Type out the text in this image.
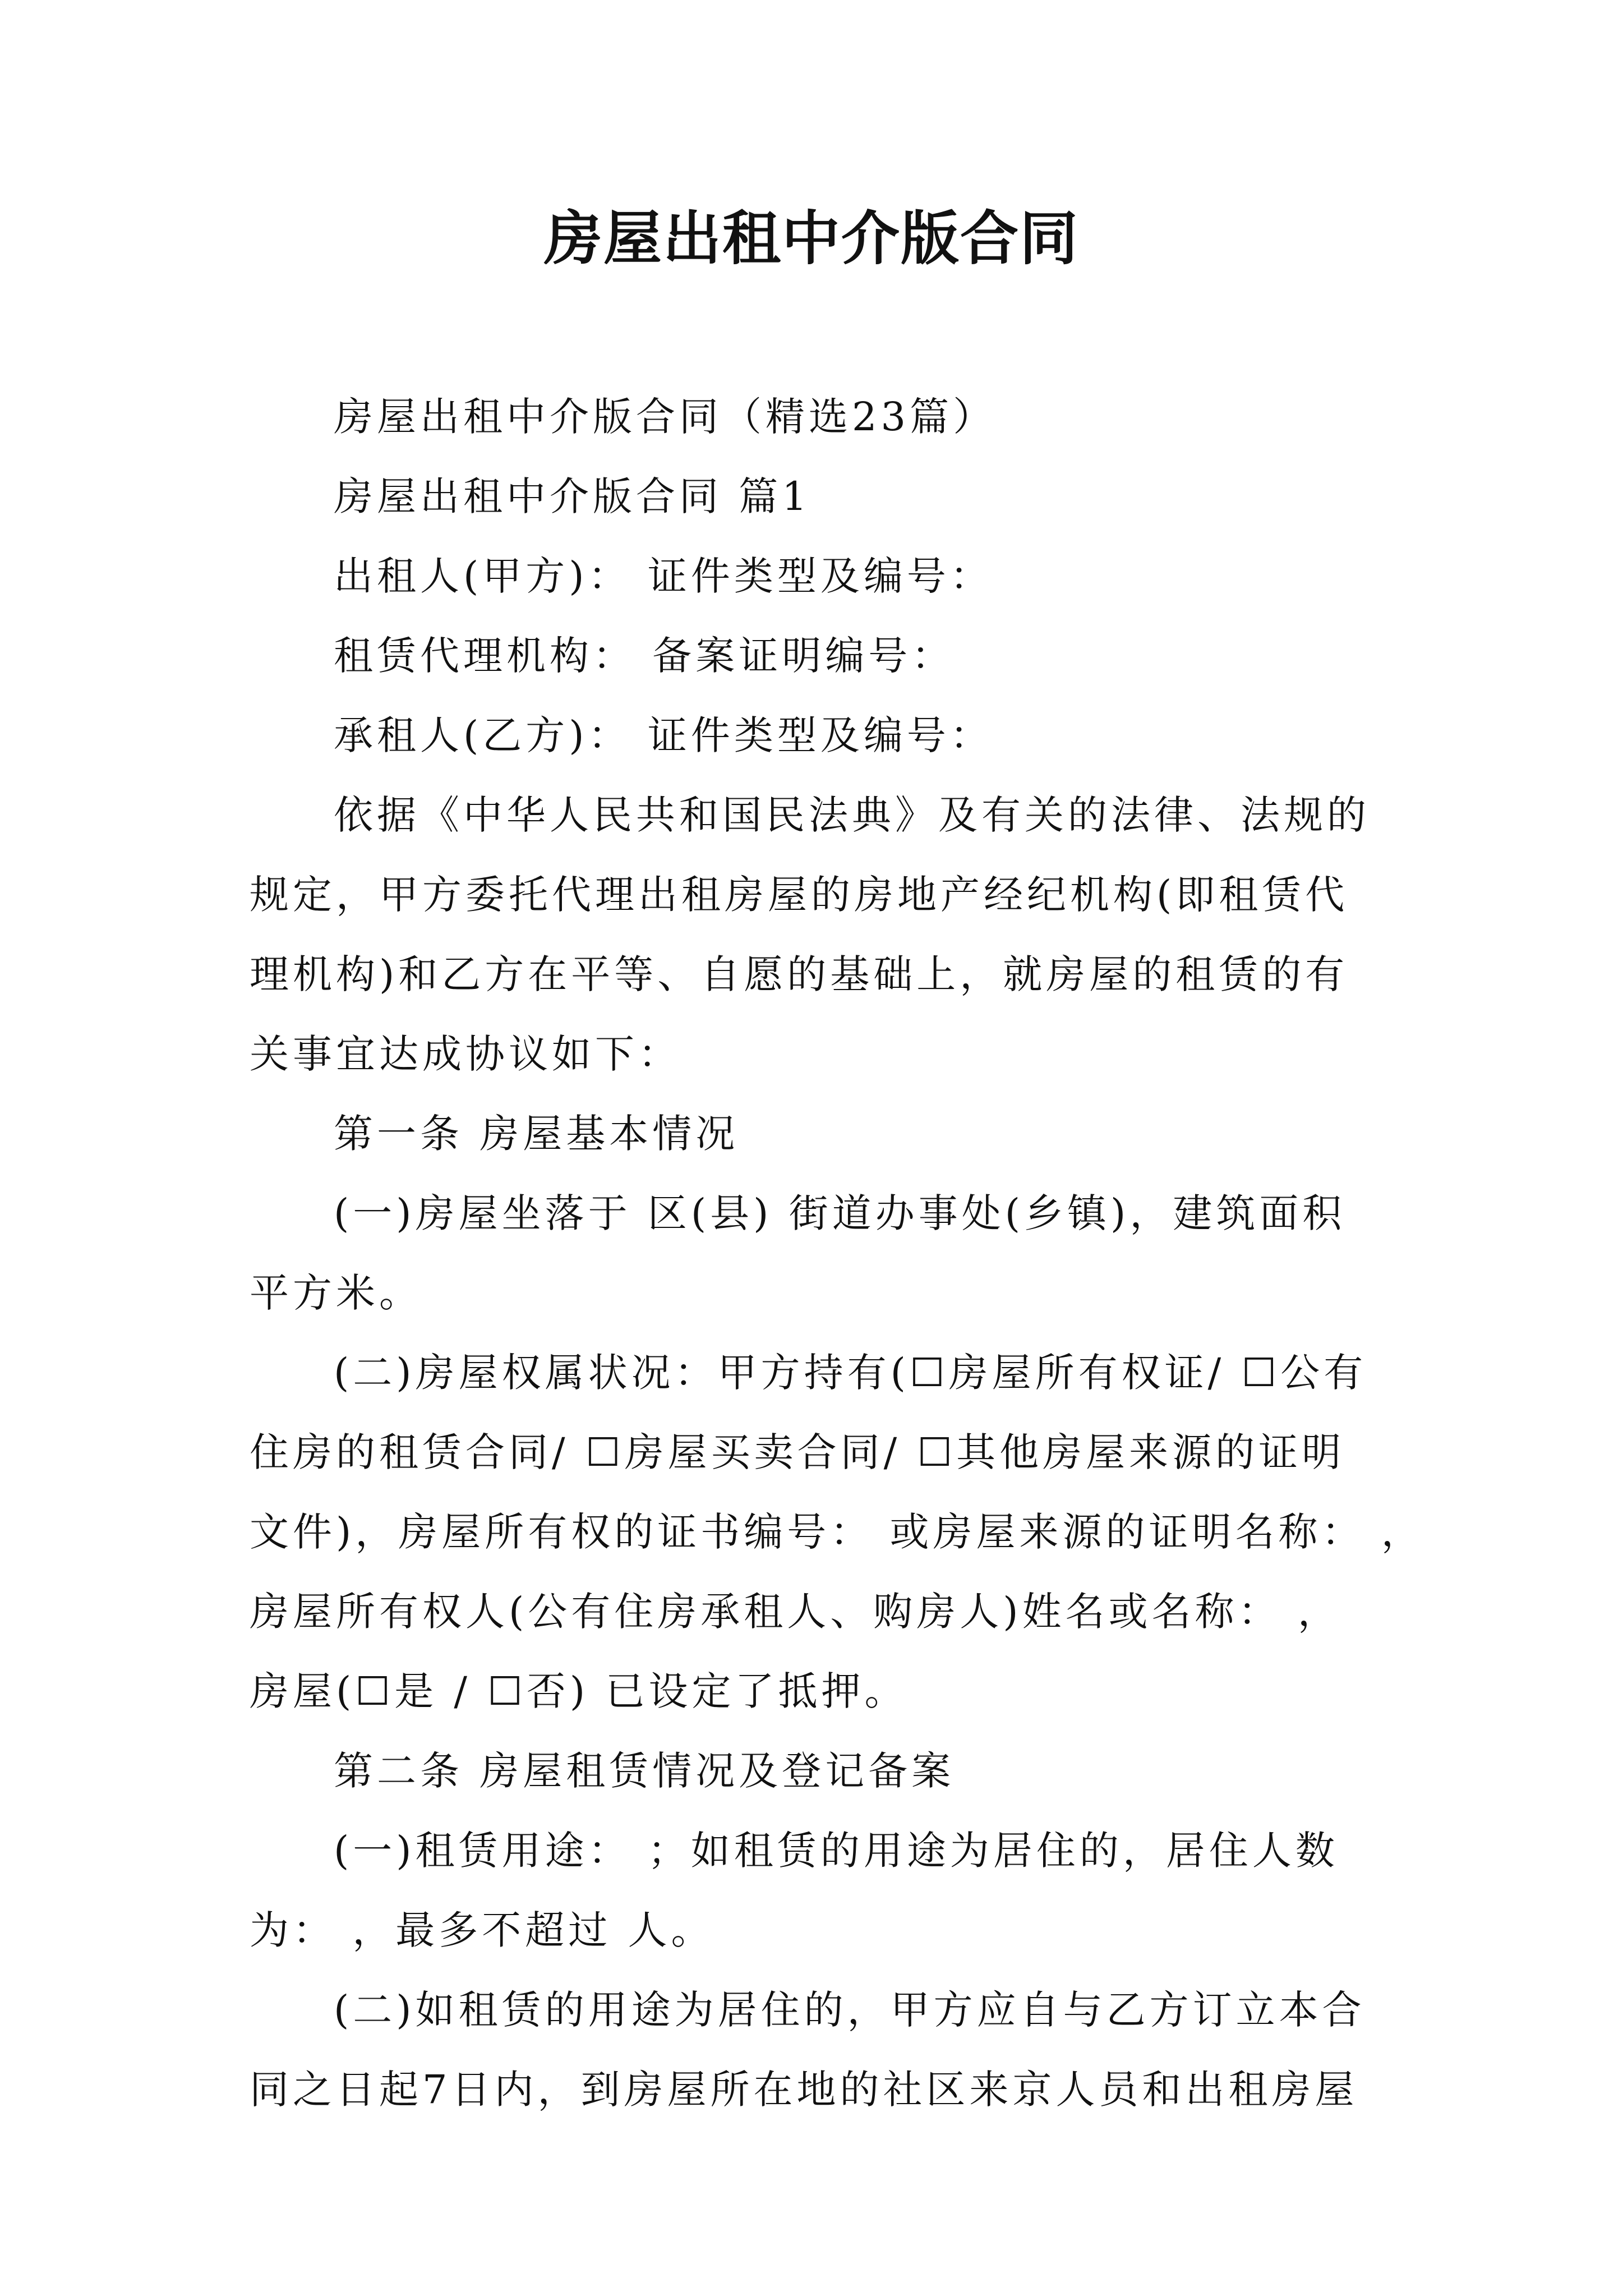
房屋出租中介版合同
房屋出租中介版合同（精选23篇）
房屋出租中介版合同 篇1
出租人(甲方)： 证件类型及编号：
租赁代理机构： 备案证明编号：
承租人(乙方)： 证件类型及编号：
依据《中华人民共和国民法典》及有关的法律、法规的
规定，甲方委托代理出租房屋的房地产经纪机构(即租赁代
理机构)和乙方在平等、自愿的基础上，就房屋的租赁的有
关事宜达成协议如下：
第一条 房屋基本情况
(一)房屋坐落于 区(县) 街道办事处(乡镇)，建筑面积
平方米。
(二)房屋权属状况：甲方持有(☐房屋所有权证/ ☐公有
住房的租赁合同/ ☐房屋买卖合同/ ☐其他房屋来源的证明
文件)，房屋所有权的证书编号： 或房屋来源的证明名称： ，
房屋所有权人(公有住房承租人、购房人)姓名或名称： ，
房屋(☐是 / ☐否) 已设定了抵押。
第二条 房屋租赁情况及登记备案
(一)租赁用途： ；如租赁的用途为居住的，居住人数
为： ，最多不超过 人。
(二)如租赁的用途为居住的，甲方应自与乙方订立本合
同之日起7日内，到房屋所在地的社区来京人员和出租房屋
